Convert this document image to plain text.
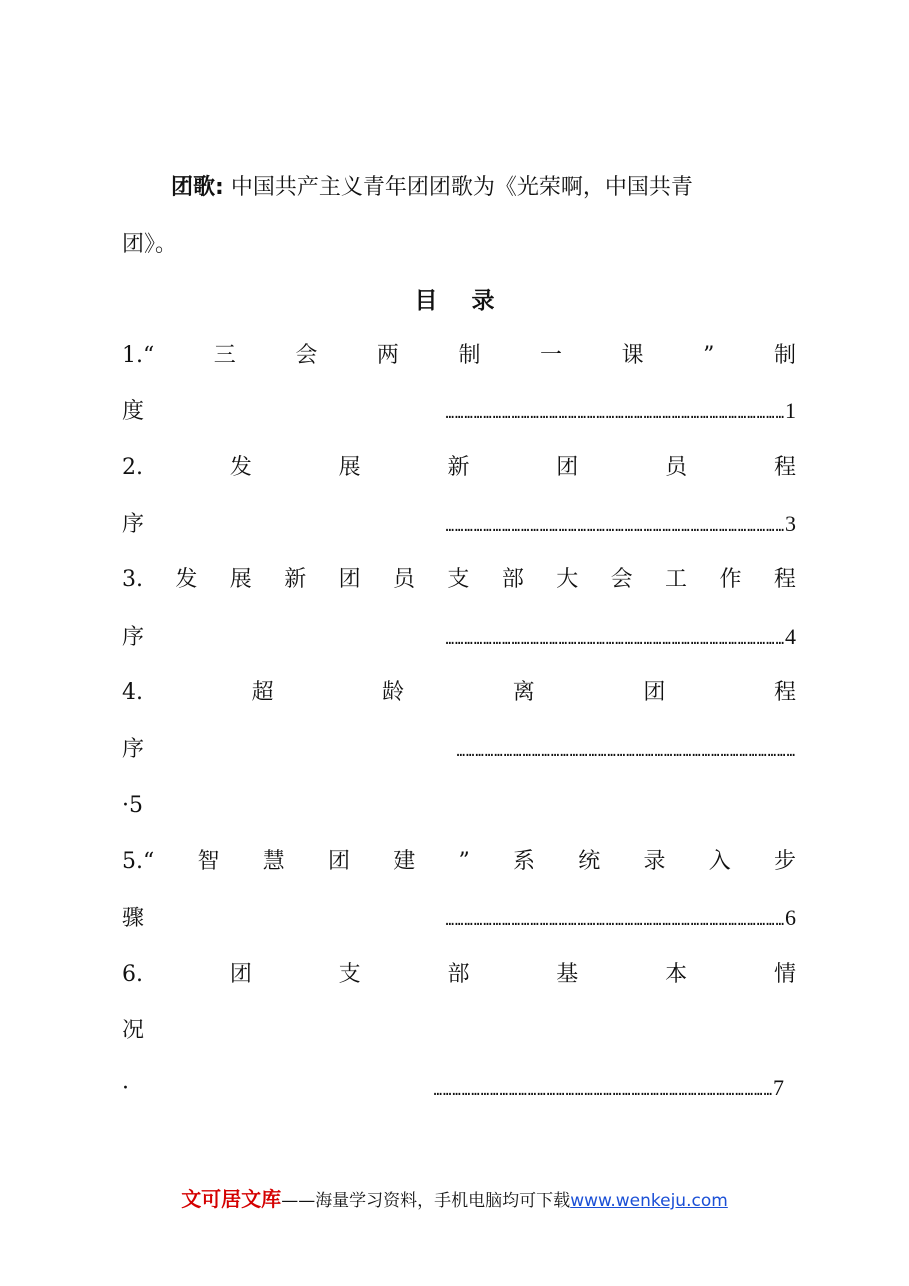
团歌: 中国共产主义青年团团歌为《光荣啊，中国共青
团》。
目录
1.“	三	会	两	制	一	课	”	制
度	……………………………………………………………………………………………… 1
2.	发	展	新	团	员	程
序	……………………………………………………………………………………………… 3
3. 发 展 新 团 员 支 部 大 会 工 作 程
序	……………………………………………………………………………………………… 4
4.	超	龄	离	团	程
序	………………………………………………………………………………………………
·5
5.“ 智 慧 团 建 ” 系 统 录 入 步
骤	……………………………………………………………………………………………… 6
6.	团	支	部	基	本	情
况
·	……………………………………………………………………………………………… 7
文可居文库——海量学习资料，手机电脑均可下载www.wenkeju.com
